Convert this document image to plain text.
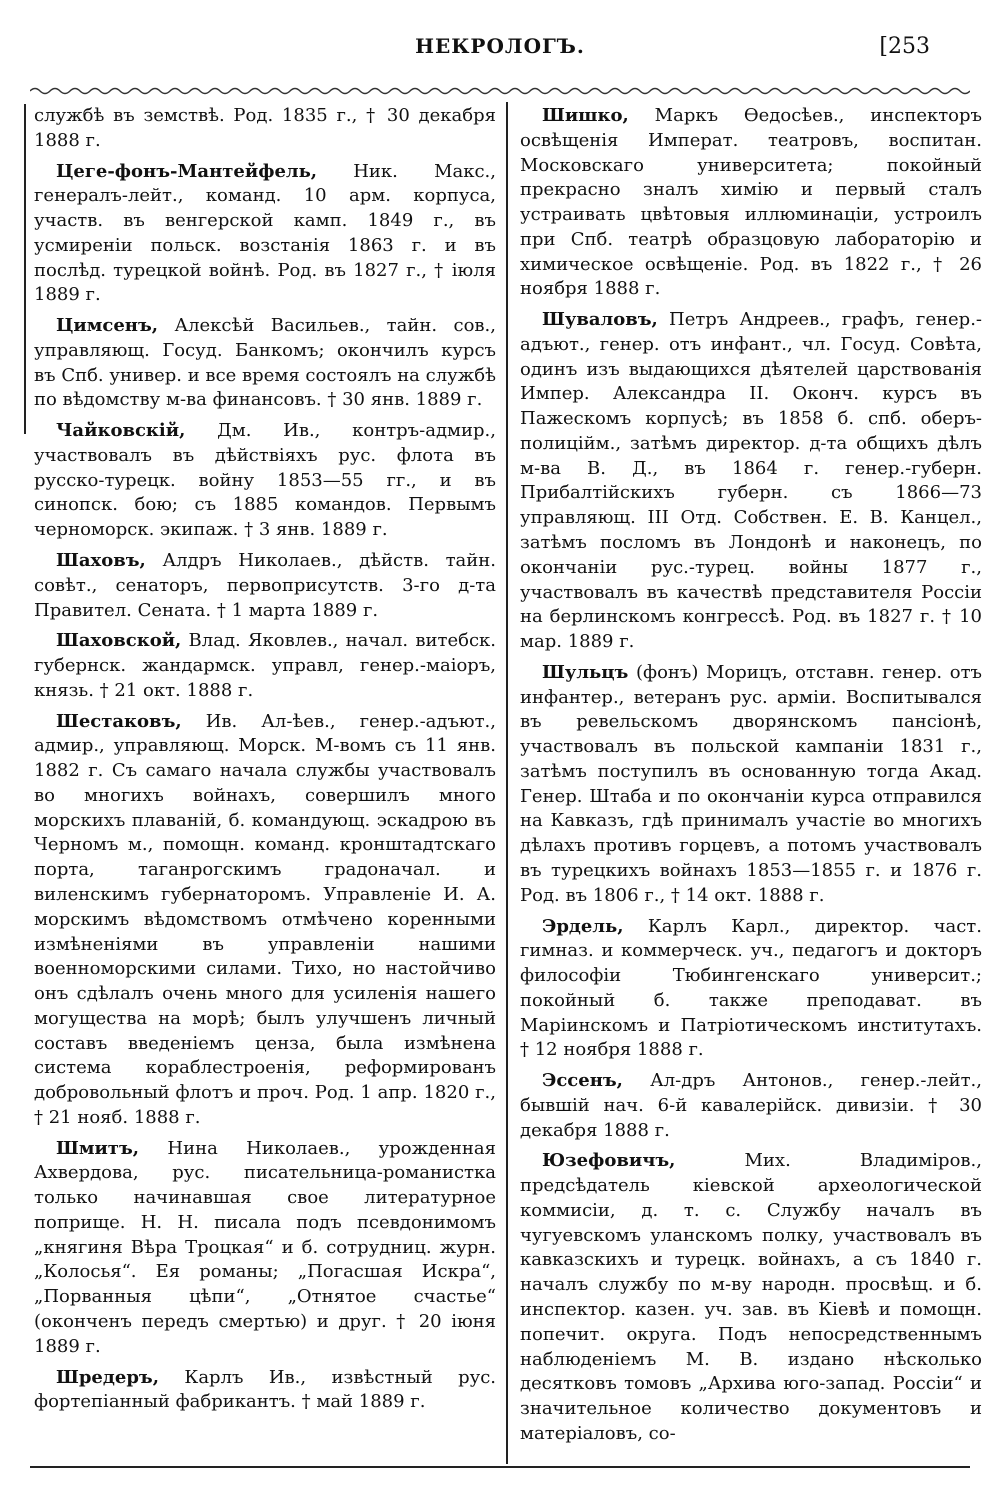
НЕКРОЛОГЪ.	[253

службѣ въ земствѣ. Род. 1835 г., † 30 декабря 1888 г.

Цеге-фонъ-Мантейфель, Ник. Макс., генералъ-лейт., команд. 10 арм. корпуса, участв. въ венгерской камп. 1849 г., въ усмиреніи польск. возстанія 1863 г. и въ послѣд. турецкой войнѣ. Род. въ 1827 г., † іюля 1889 г.

Цимсенъ, Алексѣй Васильев., тайн. сов., управляющ. Госуд. Банкомъ; окончилъ курсъ въ Спб. универ. и все время состоялъ на службѣ по вѣдомству м-ва финансовъ. † 30 янв. 1889 г.

Чайковскій, Дм. Ив., контръ-адмир., участвовалъ въ дѣйствіяхъ рус. флота въ русско-турецк. войну 1853—55 гг., и въ синопск. бою; съ 1885 командов. Первымъ черноморск. экипаж. † 3 янв. 1889 г.

Шаховъ, Алдръ Николаев., дѣйств. тайн. совѣт., сенаторъ, первоприсутств. 3-го д-та Правител. Сената. † 1 марта 1889 г.

Шаховской, Влад. Яковлев., начал. витебск. губернск. жандармск. управл, генер.-маіоръ, князь. † 21 окт. 1888 г.

Шестаковъ, Ив. Ал-ѣев., генер.-адъют., адмир., управляющ. Морск. М-вомъ съ 11 янв. 1882 г. Съ самаго начала службы участвовалъ во многихъ войнахъ, совершилъ много морскихъ плаваній, б. командующ. эскадрою въ Черномъ м., помощн. команд. кронштадтскаго порта, таганрогскимъ градоначал. и виленскимъ губернаторомъ. Управленіе И. А. морскимъ вѣдомствомъ отмѣчено коренными измѣненіями въ управленіи нашими военноморскими силами. Тихо, но настойчиво онъ сдѣлалъ очень много для усиленія нашего могущества на морѣ; былъ улучшенъ личный составъ введеніемъ ценза, была измѣнена система кораблестроенія, реформированъ добровольный флотъ и проч. Род. 1 апр. 1820 г., † 21 нояб. 1888 г.

Шмитъ, Нина Николаев., урожденная Ахвердова, рус. писательница-романистка только начинавшая свое литературное поприще. Н. Н. писала подъ псевдонимомъ „княгиня Вѣра Троцкая“ и б. сотрудниц. журн. „Колосья“. Ея романы; „Погасшая Искра“, „Порванныя цѣпи“, „Отнятое счастье“ (оконченъ передъ смертью) и друг. † 20 іюня 1889 г.

Шредеръ, Карлъ Ив., извѣстный рус. фортепіанный фабрикантъ. † май 1889 г.

Шишко, Маркъ Ѳедосѣев., инспекторъ освѣщенія Императ. театровъ, воспитан. Московскаго университета; покойный прекрасно зналъ химію и первый сталъ устраивать цвѣтовыя иллюминаціи, устроилъ при Спб. театрѣ образцовую лабораторію и химическое освѣщеніе. Род. въ 1822 г., † 26 ноября 1888 г.

Шуваловъ, Петръ Андреев., графъ, генер.-адъют., генер. отъ инфант., чл. Госуд. Совѣта, одинъ изъ выдающихся дѣятелей царствованія Импер. Александра II. Оконч. курсъ въ Пажескомъ корпусѣ; въ 1858 б. спб. оберъ-полиційм., затѣмъ директор. д-та общихъ дѣлъ м-ва В. Д., въ 1864 г. генер.-губерн. Прибалтійскихъ губерн. съ 1866—73 управляющ. III Отд. Собствен. Е. В. Канцел., затѣмъ посломъ въ Лондонѣ и наконецъ, по окончаніи рус.-турец. войны 1877 г., участвовалъ въ качествѣ представителя Россіи на берлинскомъ конгрессѣ. Род. въ 1827 г. † 10 мар. 1889 г.

Шульцъ (фонъ) Морицъ, отставн. генер. отъ инфантер., ветеранъ рус. арміи. Воспитывался въ ревельскомъ дворянскомъ пансіонѣ, участвовалъ въ польской кампаніи 1831 г., затѣмъ поступилъ въ основанную тогда Акад. Генер. Штаба и по окончаніи курса отправился на Кавказъ, гдѣ принималъ участіе во многихъ дѣлахъ противъ горцевъ, а потомъ участвовалъ въ турецкихъ войнахъ 1853—1855 г. и 1876 г. Род. въ 1806 г., † 14 окт. 1888 г.

Эрдель, Карлъ Карл., директор. част. гимназ. и коммерческ. уч., педагогъ и докторъ философіи Тюбингенскаго университ.; покойный б. также преподават. въ Маріинскомъ и Патріотическомъ институтахъ. † 12 ноября 1888 г.

Эссенъ, Ал-дръ Антонов., генер.-лейт., бывшій нач. 6-й кавалерійск. дивизіи. † 30 декабря 1888 г.

Юзефовичъ, Мих. Владиміров., предсѣдатель кіевской археологической коммисіи, д. т. с. Службу началъ въ чугуевскомъ уланскомъ полку, участвовалъ въ кавказскихъ и турецк. войнахъ, а съ 1840 г. началъ службу по м-ву народн. просвѣщ. и б. инспектор. казен. уч. зав. въ Кіевѣ и помощн. попечит. округа. Подъ непосредственнымъ наблюденіемъ М. В. издано нѣсколько десятковъ томовъ „Архива юго-запад. Россіи“ и значительное количество документовъ и матеріаловъ, со-
